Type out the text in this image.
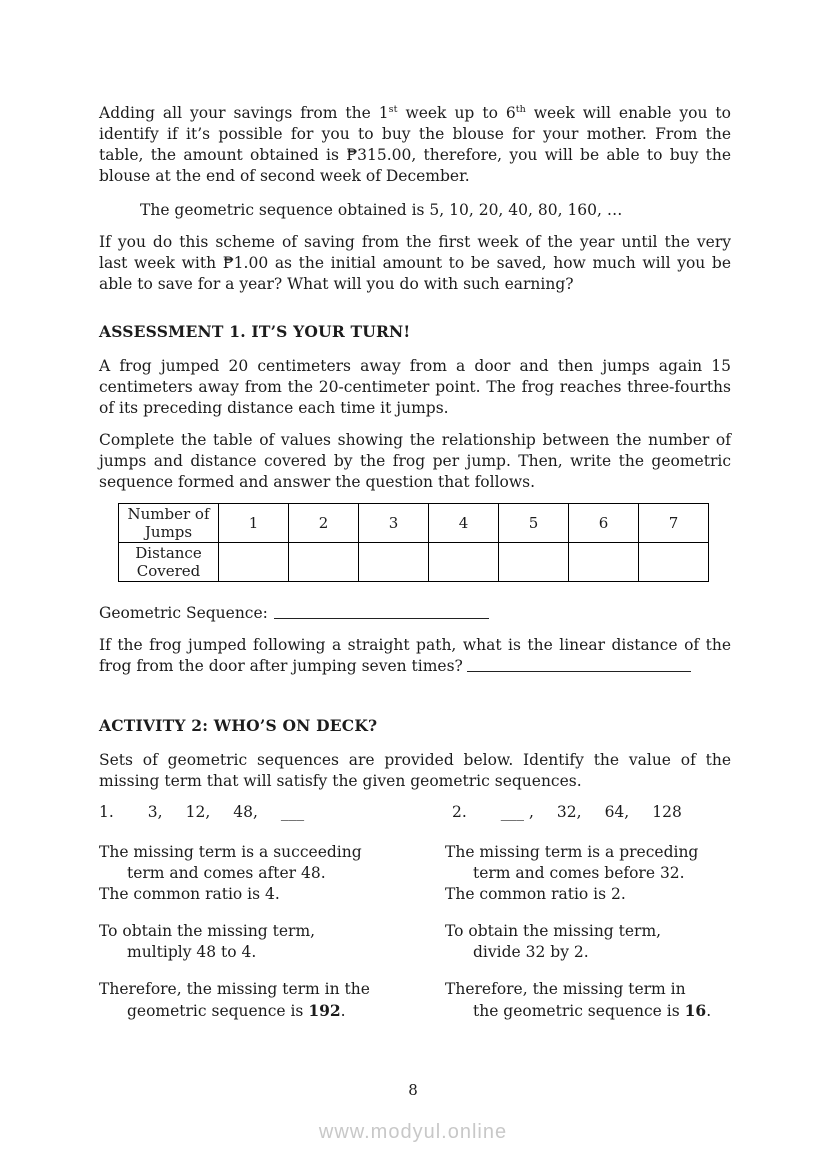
Adding all your savings from the 1st week up to 6th week will enable you to identify if it’s possible for you to buy the blouse for your mother. From the table, the amount obtained is ₱315.00, therefore, you will be able to buy the blouse at the end of second week of December.

The geometric sequence obtained is 5, 10, 20, 40, 80, 160, …

If you do this scheme of saving from the first week of the year until the very last week with ₱1.00 as the initial amount to be saved, how much will you be able to save for a year? What will you do with such earning?

ASSESSMENT 1. IT’S YOUR TURN!

A frog jumped 20 centimeters away from a door and then jumps again 15 centimeters away from the 20-centimeter point. The frog reaches three-fourths of its preceding distance each time it jumps.

Complete the table of values showing the relationship between the number of jumps and distance covered by the frog per jump. Then, write the geometric sequence formed and answer the question that follows.

Number of Jumps	1	2	3	4	5	6	7
Distance Covered							

Geometric Sequence:

If the frog jumped following a straight path, what is the linear distance of the frog from the door after jumping seven times?

ACTIVITY 2: WHO’S ON DECK?

Sets of geometric sequences are provided below. Identify the value of the missing term that will satisfy the given geometric sequences.

1. 3, 12, 48, ___	2. ___ , 32, 64, 128

The missing term is a succeeding

term and comes after 48.

The common ratio is 4.

To obtain the missing term,

multiply 48 to 4.

Therefore, the missing term in the

geometric sequence is 192.

The missing term is a preceding

term and comes before 32.

The common ratio is 2.

To obtain the missing term,

divide 32 by 2.

Therefore, the missing term in

the geometric sequence is 16.

8
www.modyul.online
